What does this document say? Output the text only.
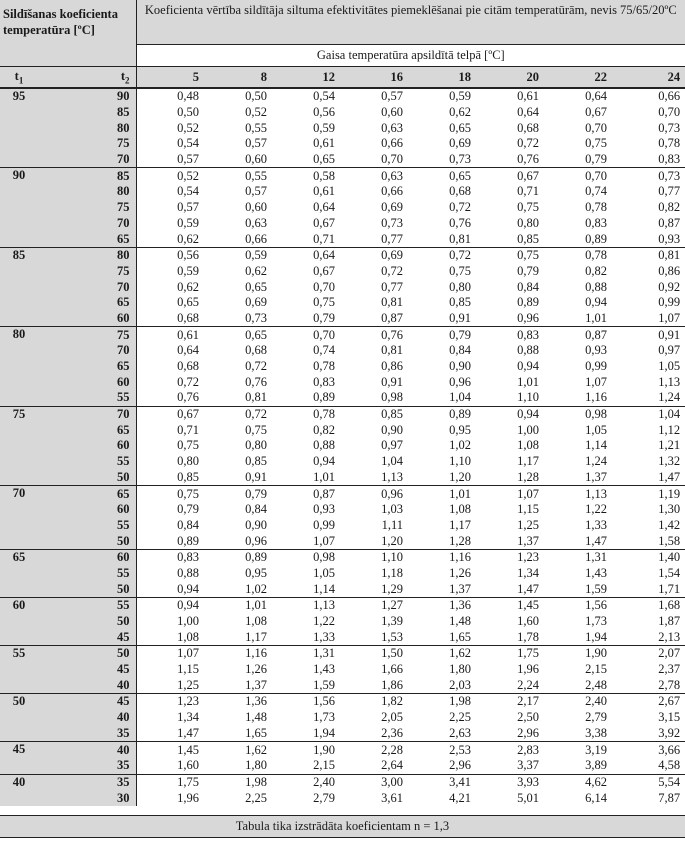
Sildīšanas koeficienta temperatūra [ºC]		Koeficienta vērtība sildītāja siltuma efektivitātes piemeklēšanai pie citām temperatūrām, nevis 75/65/20ºC							
		Gaisa temperatūra apsildītā telpā [ºC]							
$t_1$	$t_2$	5	8	12	16	18	20	22	24
95	90	0,48	0,50	0,54	0,57	0,59	0,61	0,64	0,66
	85	0,50	0,52	0,56	0,60	0,62	0,64	0,67	0,70
	80	0,52	0,55	0,59	0,63	0,65	0,68	0,70	0,73
	75	0,54	0,57	0,61	0,66	0,69	0,72	0,75	0,78
	70	0,57	0,60	0,65	0,70	0,73	0,76	0,79	0,83
90	85	0,52	0,55	0,58	0,63	0,65	0,67	0,70	0,73
	80	0,54	0,57	0,61	0,66	0,68	0,71	0,74	0,77
	75	0,57	0,60	0,64	0,69	0,72	0,75	0,78	0,82
	70	0,59	0,63	0,67	0,73	0,76	0,80	0,83	0,87
	65	0,62	0,66	0,71	0,77	0,81	0,85	0,89	0,93
85	80	0,56	0,59	0,64	0,69	0,72	0,75	0,78	0,81
	75	0,59	0,62	0,67	0,72	0,75	0,79	0,82	0,86
	70	0,62	0,65	0,70	0,77	0,80	0,84	0,88	0,92
	65	0,65	0,69	0,75	0,81	0,85	0,89	0,94	0,99
	60	0,68	0,73	0,79	0,87	0,91	0,96	1,01	1,07
80	75	0,61	0,65	0,70	0,76	0,79	0,83	0,87	0,91
	70	0,64	0,68	0,74	0,81	0,84	0,88	0,93	0,97
	65	0,68	0,72	0,78	0,86	0,90	0,94	0,99	1,05
	60	0,72	0,76	0,83	0,91	0,96	1,01	1,07	1,13
	55	0,76	0,81	0,89	0,98	1,04	1,10	1,16	1,24
75	70	0,67	0,72	0,78	0,85	0,89	0,94	0,98	1,04
	65	0,71	0,75	0,82	0,90	0,95	1,00	1,05	1,12
	60	0,75	0,80	0,88	0,97	1,02	1,08	1,14	1,21
	55	0,80	0,85	0,94	1,04	1,10	1,17	1,24	1,32
	50	0,85	0,91	1,01	1,13	1,20	1,28	1,37	1,47
70	65	0,75	0,79	0,87	0,96	1,01	1,07	1,13	1,19
	60	0,79	0,84	0,93	1,03	1,08	1,15	1,22	1,30
	55	0,84	0,90	0,99	1,11	1,17	1,25	1,33	1,42
	50	0,89	0,96	1,07	1,20	1,28	1,37	1,47	1,58
65	60	0,83	0,89	0,98	1,10	1,16	1,23	1,31	1,40
	55	0,88	0,95	1,05	1,18	1,26	1,34	1,43	1,54
	50	0,94	1,02	1,14	1,29	1,37	1,47	1,59	1,71
60	55	0,94	1,01	1,13	1,27	1,36	1,45	1,56	1,68
	50	1,00	1,08	1,22	1,39	1,48	1,60	1,73	1,87
	45	1,08	1,17	1,33	1,53	1,65	1,78	1,94	2,13
55	50	1,07	1,16	1,31	1,50	1,62	1,75	1,90	2,07
	45	1,15	1,26	1,43	1,66	1,80	1,96	2,15	2,37
	40	1,25	1,37	1,59	1,86	2,03	2,24	2,48	2,78
50	45	1,23	1,36	1,56	1,82	1,98	2,17	2,40	2,67
	40	1,34	1,48	1,73	2,05	2,25	2,50	2,79	3,15
	35	1,47	1,65	1,94	2,36	2,63	2,96	3,38	3,92
45	40	1,45	1,62	1,90	2,28	2,53	2,83	3,19	3,66
	35	1,60	1,80	2,15	2,64	2,96	3,37	3,89	4,58
40	35	1,75	1,98	2,40	3,00	3,41	3,93	4,62	5,54
	30	1,96	2,25	2,79	3,61	4,21	5,01	6,14	7,87
Tabula tika izstrādāta koeficientam n = 1,3
